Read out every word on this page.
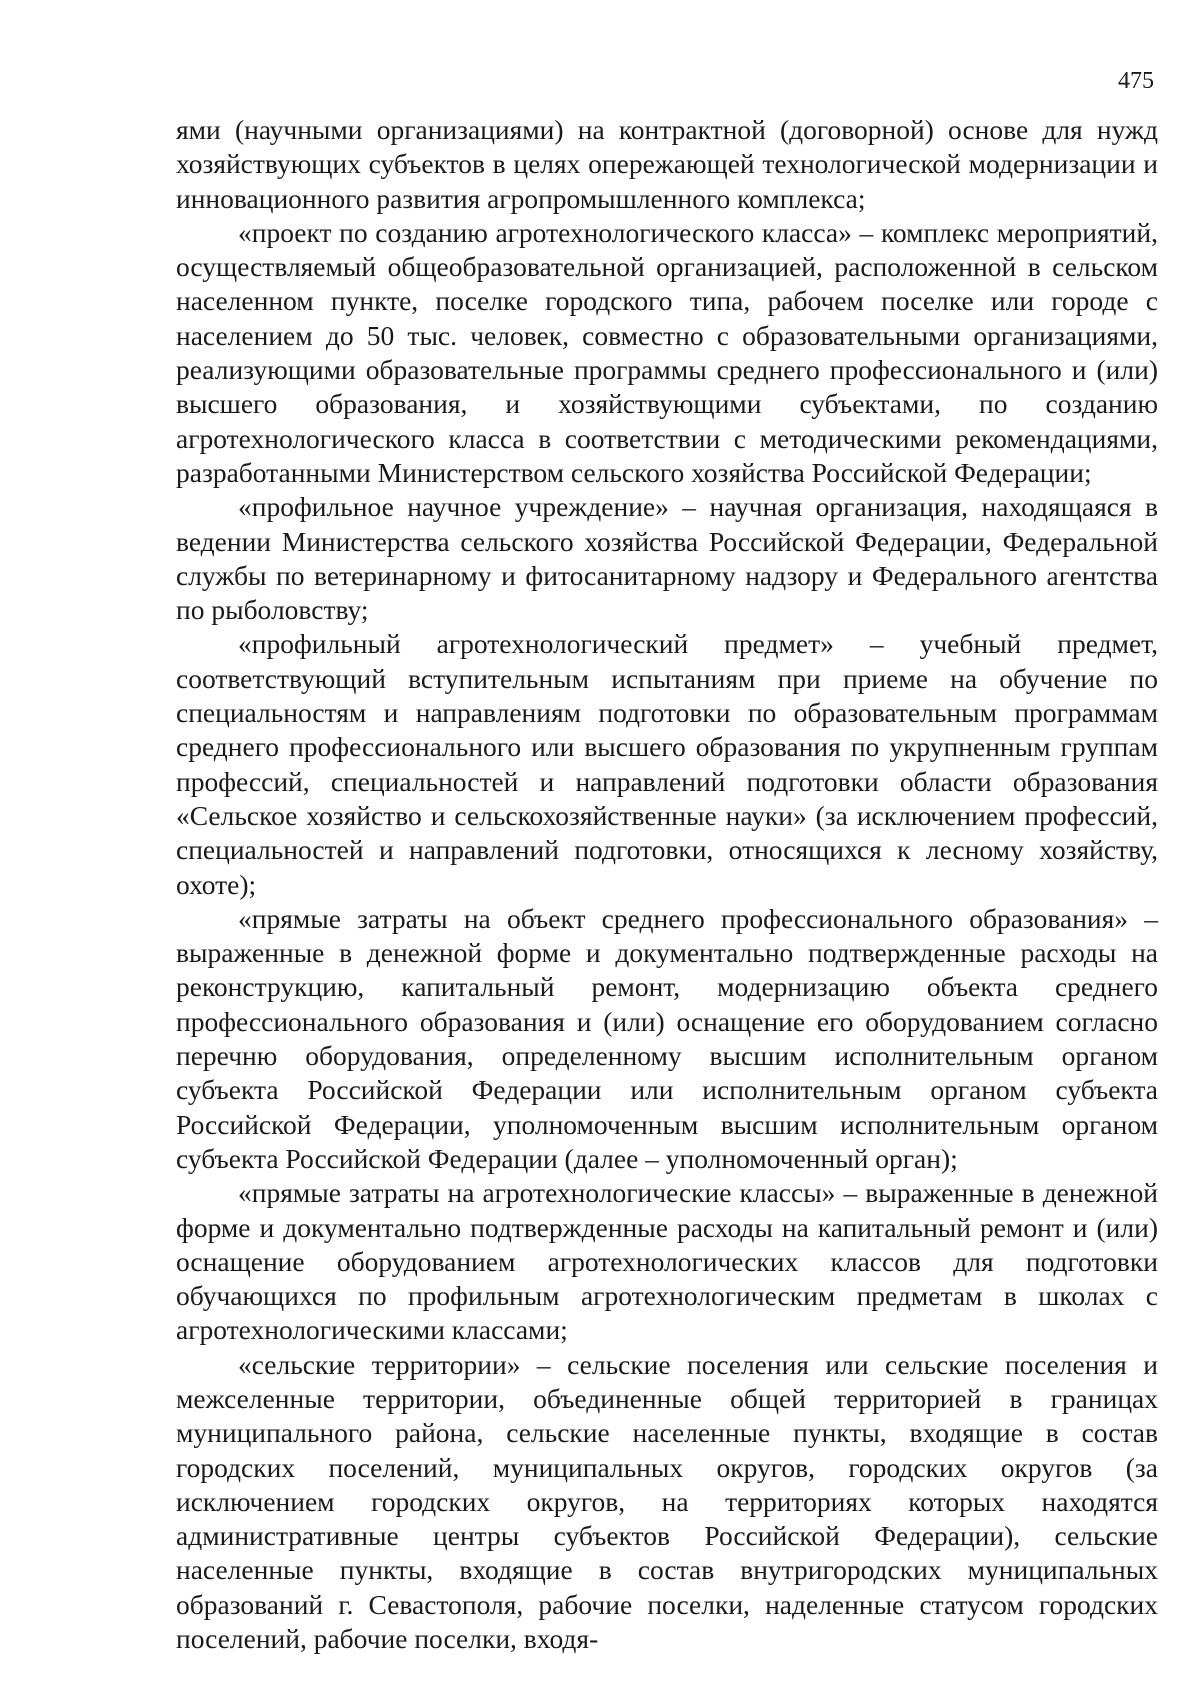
475

ями (научными организациями) на контрактной (договорной) основе для нужд хозяйствующих субъектов в целях опережающей технологической модернизации и инновационного развития агропромышленного комплекса;

«проект по созданию агротехнологического класса» – комплекс мероприятий, осуществляемый общеобразовательной организацией, расположенной в сельском населенном пункте, поселке городского типа, рабочем поселке или городе с населением до 50 тыс. человек, совместно с образовательными организациями, реализующими образовательные программы среднего профессионального и (или) высшего образования, и хозяйствующими субъектами, по созданию агротехнологического класса в соответствии с методическими рекомендациями, разработанными Министерством сельского хозяйства Российской Федерации;

«профильное научное учреждение» – научная организация, находящаяся в ведении Министерства сельского хозяйства Российской Федерации, Федеральной службы по ветеринарному и фитосанитарному надзору и Федерального агентства по рыболовству;

«профильный агротехнологический предмет» – учебный предмет, соответствующий вступительным испытаниям при приеме на обучение по специальностям и направлениям подготовки по образовательным программам среднего профессионального или высшего образования по укрупненным группам профессий, специальностей и направлений подготовки области образования «Сельское хозяйство и сельскохозяйственные науки» (за исключением профессий, специальностей и направлений подготовки, относящихся к лесному хозяйству, охоте);

«прямые затраты на объект среднего профессионального образования» – выраженные в денежной форме и документально подтвержденные расходы на реконструкцию, капитальный ремонт, модернизацию объекта среднего профессионального образования и (или) оснащение его оборудованием согласно перечню оборудования, определенному высшим исполнительным органом субъекта Российской Федерации или исполнительным органом субъекта Российской Федерации, уполномоченным высшим исполнительным органом субъекта Российской Федерации (далее – уполномоченный орган);

«прямые затраты на агротехнологические классы» – выраженные в денежной форме и документально подтвержденные расходы на капитальный ремонт и (или) оснащение оборудованием агротехнологических классов для подготовки обучающихся по профильным агротехнологическим предметам в школах с агротехнологическими классами;

«сельские территории» – сельские поселения или сельские поселения и межселенные территории, объединенные общей территорией в границах муниципального района, сельские населенные пункты, входящие в состав городских поселений, муниципальных округов, городских округов (за исключением городских округов, на территориях которых находятся административные центры субъектов Российской Федерации), сельские населенные пункты, входящие в состав внутригородских муниципальных образований г. Севастополя, рабочие поселки, наделенные статусом городских поселений, рабочие поселки, входя-
